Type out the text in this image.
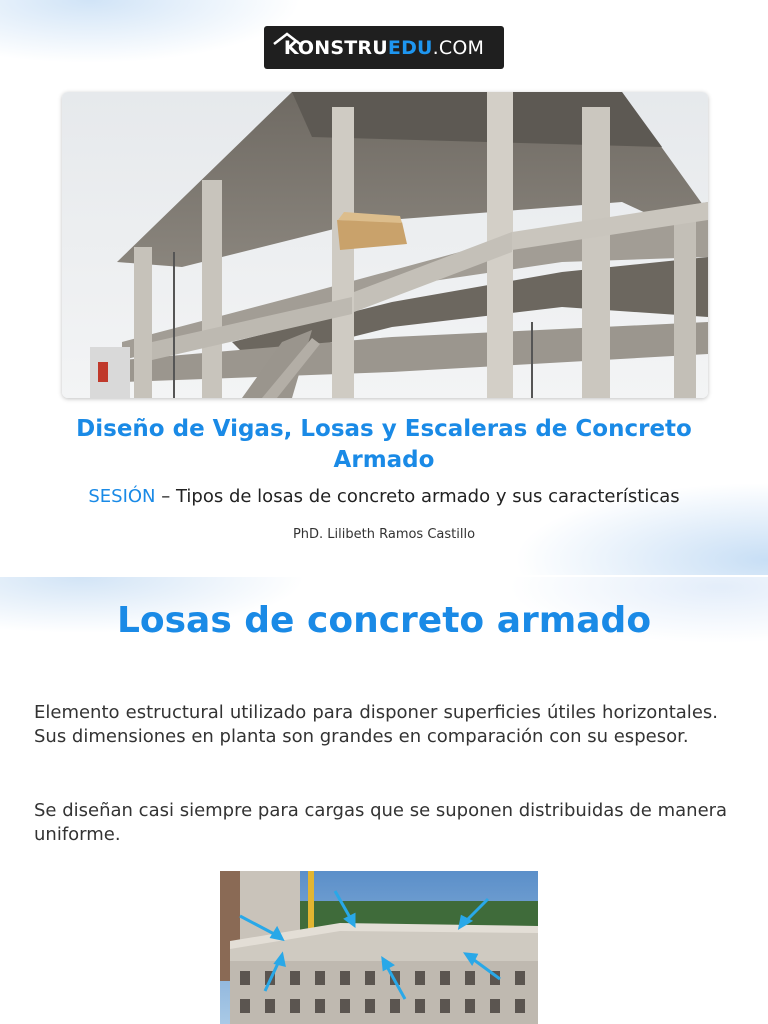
KONSTRU EDU .COM
Diseño de Vigas, Losas y Escaleras de Concreto Armado
SESIÓN – Tipos de losas de concreto armado y sus características
PhD. Lilibeth Ramos Castillo
Losas de concreto armado
Elemento estructural utilizado para disponer superficies útiles horizontales. Sus dimensiones en planta son grandes en comparación con su espesor.
Se diseñan casi siempre para cargas que se suponen distribuidas de manera uniforme.
